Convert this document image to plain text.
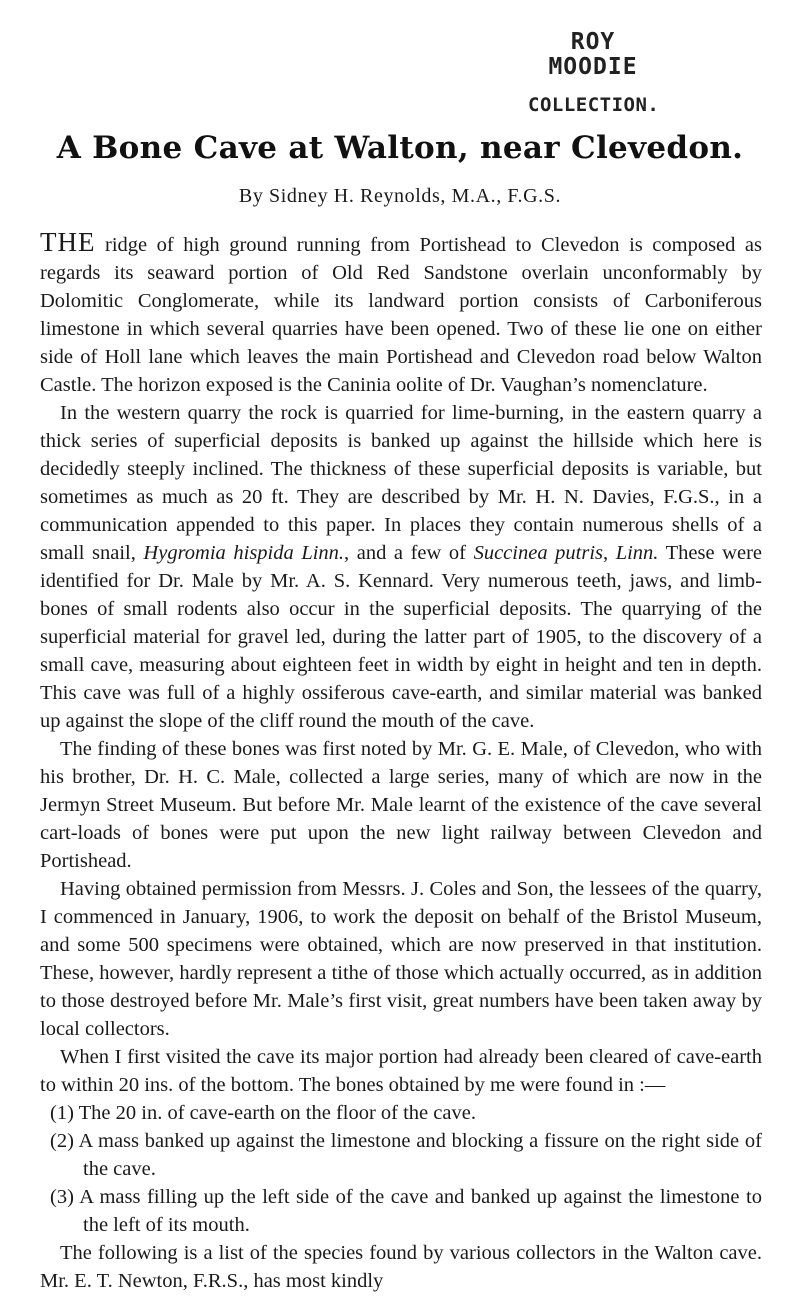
ROY MOODIE
COLLECTION.
A Bone Cave at Walton, near Clevedon.
By Sidney H. Reynolds, M.A., F.G.S.

THE ridge of high ground running from Portishead to Clevedon is composed as regards its seaward portion of Old Red Sandstone overlain unconformably by Dolomitic Conglomerate, while its landward portion consists of Carboniferous limestone in which several quarries have been opened. Two of these lie one on either side of Holl lane which leaves the main Portishead and Clevedon road below Walton Castle. The horizon exposed is the Caninia oolite of Dr. Vaughan’s nomenclature.

In the western quarry the rock is quarried for lime-burning, in the eastern quarry a thick series of superficial deposits is banked up against the hillside which here is decidedly steeply inclined. The thickness of these superficial deposits is variable, but sometimes as much as 20 ft. They are described by Mr. H. N. Davies, F.G.S., in a communication appended to this paper. In places they contain numerous shells of a small snail, Hygromia hispida Linn., and a few of Succinea putris, Linn. These were identified for Dr. Male by Mr. A. S. Kennard. Very numerous teeth, jaws, and limb-bones of small rodents also occur in the superficial deposits. The quarrying of the superficial material for gravel led, during the latter part of 1905, to the discovery of a small cave, measuring about eighteen feet in width by eight in height and ten in depth. This cave was full of a highly ossiferous cave-earth, and similar material was banked up against the slope of the cliff round the mouth of the cave.

The finding of these bones was first noted by Mr. G. E. Male, of Clevedon, who with his brother, Dr. H. C. Male, collected a large series, many of which are now in the Jermyn Street Museum. But before Mr. Male learnt of the existence of the cave several cart-loads of bones were put upon the new light railway between Clevedon and Portishead.

Having obtained permission from Messrs. J. Coles and Son, the lessees of the quarry, I commenced in January, 1906, to work the deposit on behalf of the Bristol Museum, and some 500 specimens were obtained, which are now preserved in that institution. These, however, hardly represent a tithe of those which actually occurred, as in addition to those destroyed before Mr. Male’s first visit, great numbers have been taken away by local collectors.

When I first visited the cave its major portion had already been cleared of cave-earth to within 20 ins. of the bottom. The bones obtained by me were found in :—

(1) The 20 in. of cave-earth on the floor of the cave.

(2) A mass banked up against the limestone and blocking a fissure on the right side of the cave.

(3) A mass filling up the left side of the cave and banked up against the limestone to the left of its mouth.

The following is a list of the species found by various collectors in the Walton cave. Mr. E. T. Newton, F.R.S., has most kindly
